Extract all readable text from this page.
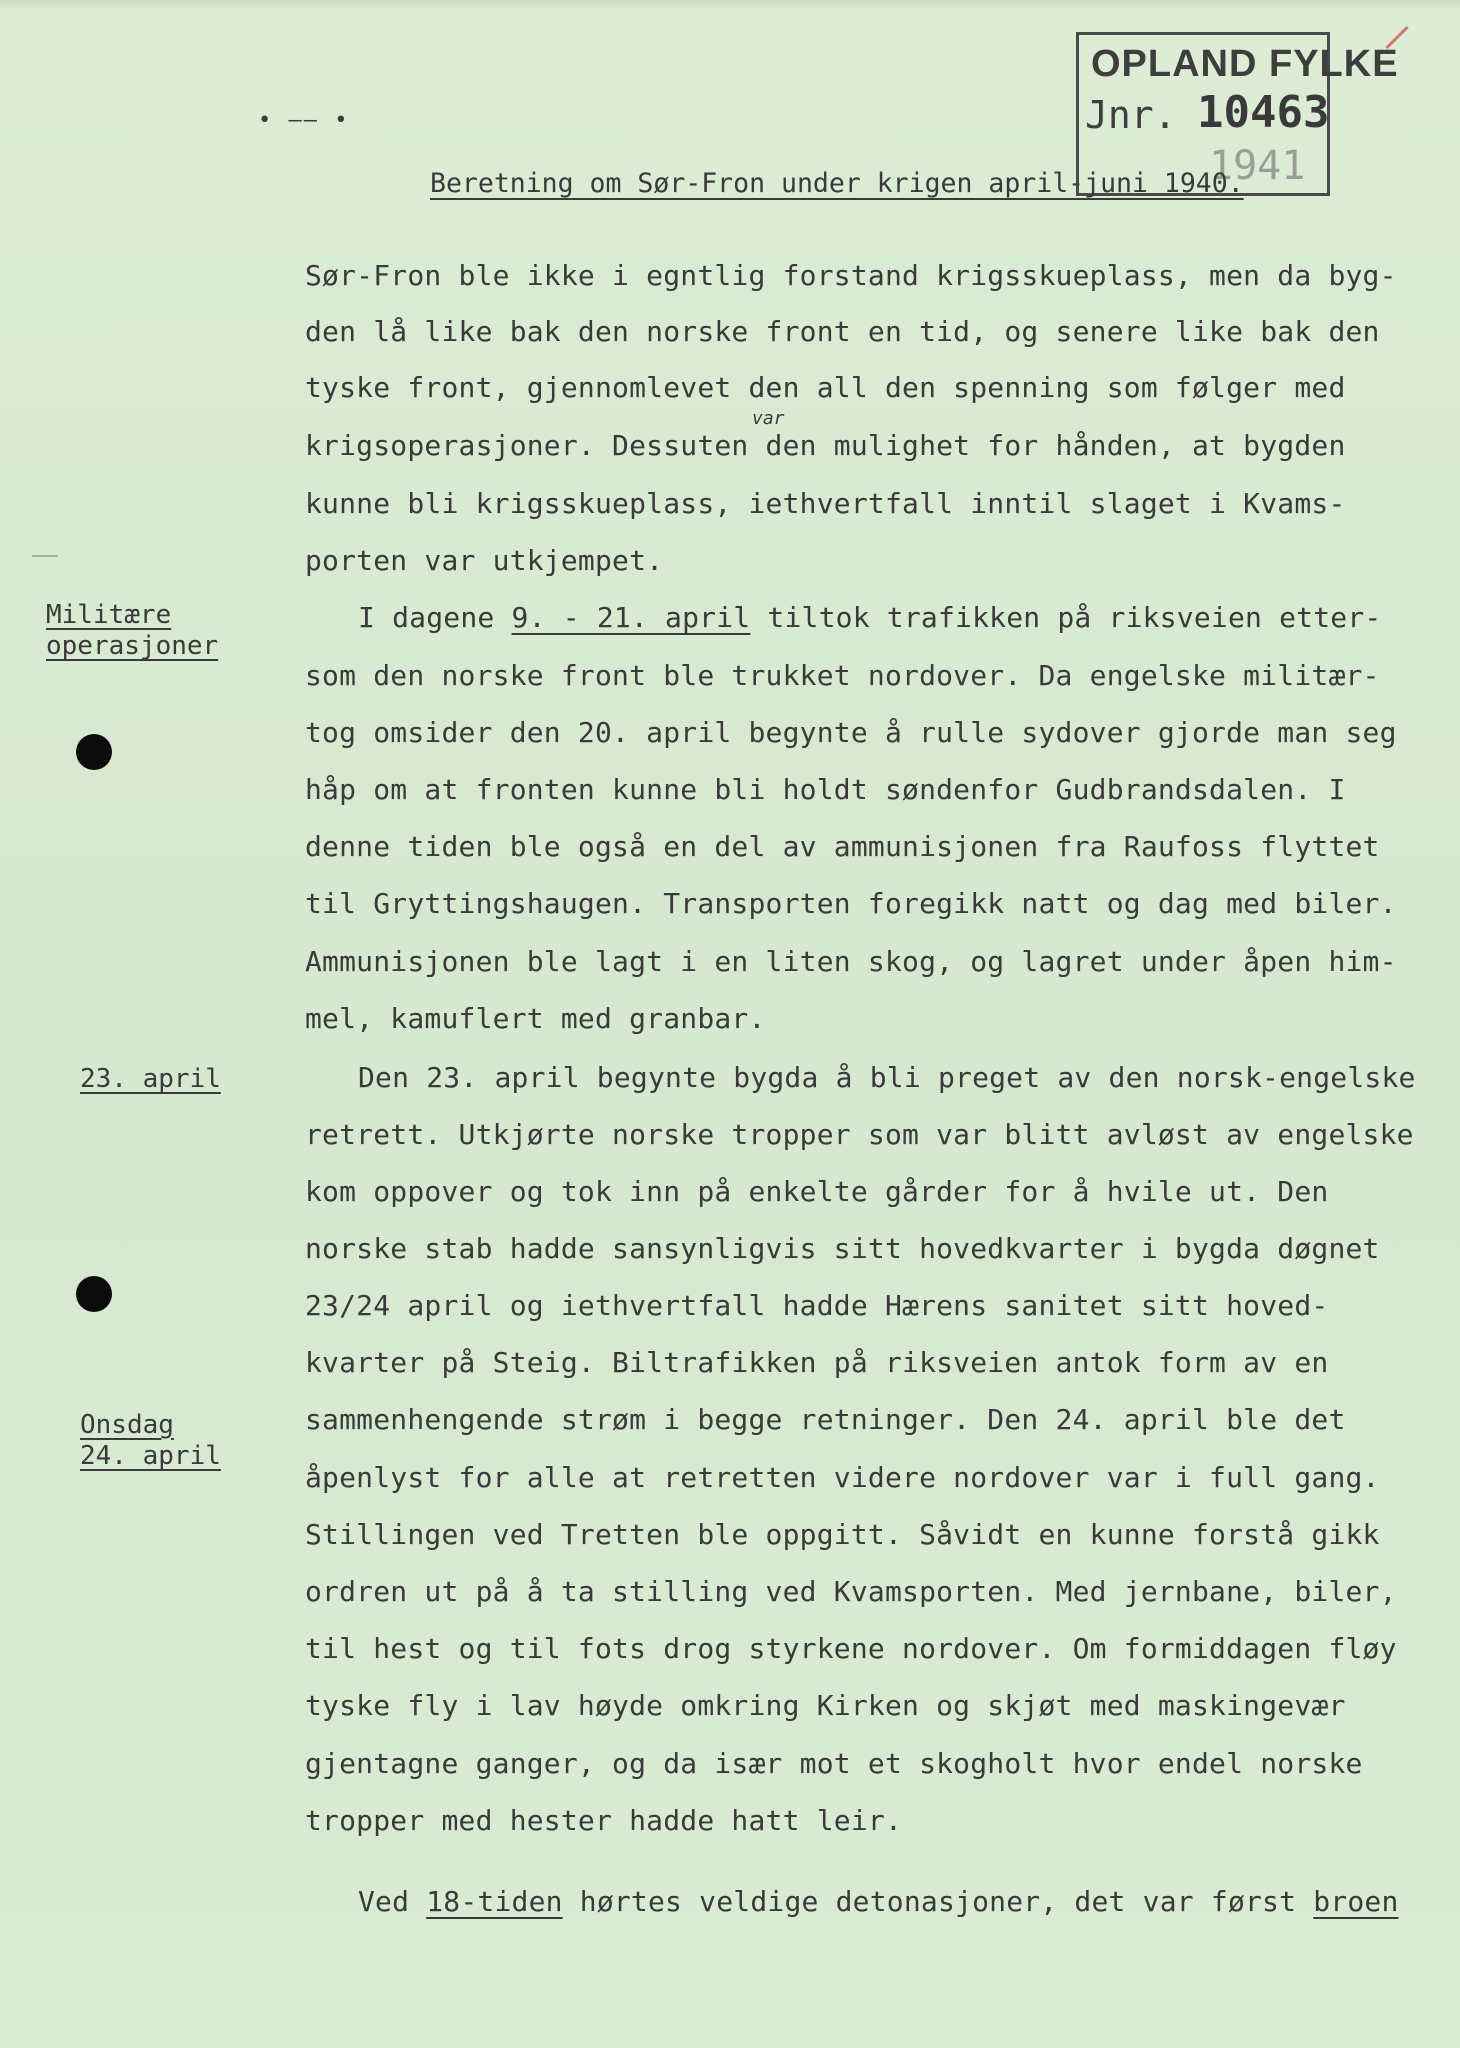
• —— •
OPLAND FYLKE
Jnr. 10463
1941
Beretning om Sør-Fron under krigen april-juni 1940.
Sør-Fron ble ikke i egntlig forstand krigsskueplass, men da byg-
den lå like bak den norske front en tid, og senere like bak den
tyske front, gjennomlevet den all den spenning som følger med
var
krigsoperasjoner. Dessuten den mulighet for hånden, at bygden
kunne bli krigsskueplass, iethvertfall inntil slaget i Kvams-
porten var utkjempet.
Militære
operasjoner
I dagene 9. - 21. april tiltok trafikken på riksveien etter-
som den norske front ble trukket nordover. Da engelske militær-
tog omsider den 20. april begynte å rulle sydover gjorde man seg
håp om at fronten kunne bli holdt søndenfor Gudbrandsdalen. I
denne tiden ble også en del av ammunisjonen fra Raufoss flyttet
til Gryttingshaugen. Transporten foregikk natt og dag med biler.
Ammunisjonen ble lagt i en liten skog, og lagret under åpen him-
mel, kamuflert med granbar.
23. april	Den 23. april begynte bygda å bli preget av den norsk-engelske
retrett. Utkjørte norske tropper som var blitt avløst av engelske
kom oppover og tok inn på enkelte gårder for å hvile ut. Den
norske stab hadde sansynligvis sitt hovedkvarter i bygda døgnet
23/24 april og iethvertfall hadde Hærens sanitet sitt hoved-
kvarter på Steig. Biltrafikken på riksveien antok form av en
sammenhengende strøm i begge retninger. Den 24. april ble det
åpenlyst for alle at retretten videre nordover var i full gang.
Stillingen ved Tretten ble oppgitt. Såvidt en kunne forstå gikk
ordren ut på å ta stilling ved Kvamsporten. Med jernbane, biler,
til hest og til fots drog styrkene nordover. Om formiddagen fløy
tyske fly i lav høyde omkring Kirken og skjøt med maskingevær
gjentagne ganger, og da især mot et skogholt hvor endel norske
tropper med hester hadde hatt leir.
Onsdag
24. april
Ved 18-tiden hørtes veldige detonasjoner, det var først broen
